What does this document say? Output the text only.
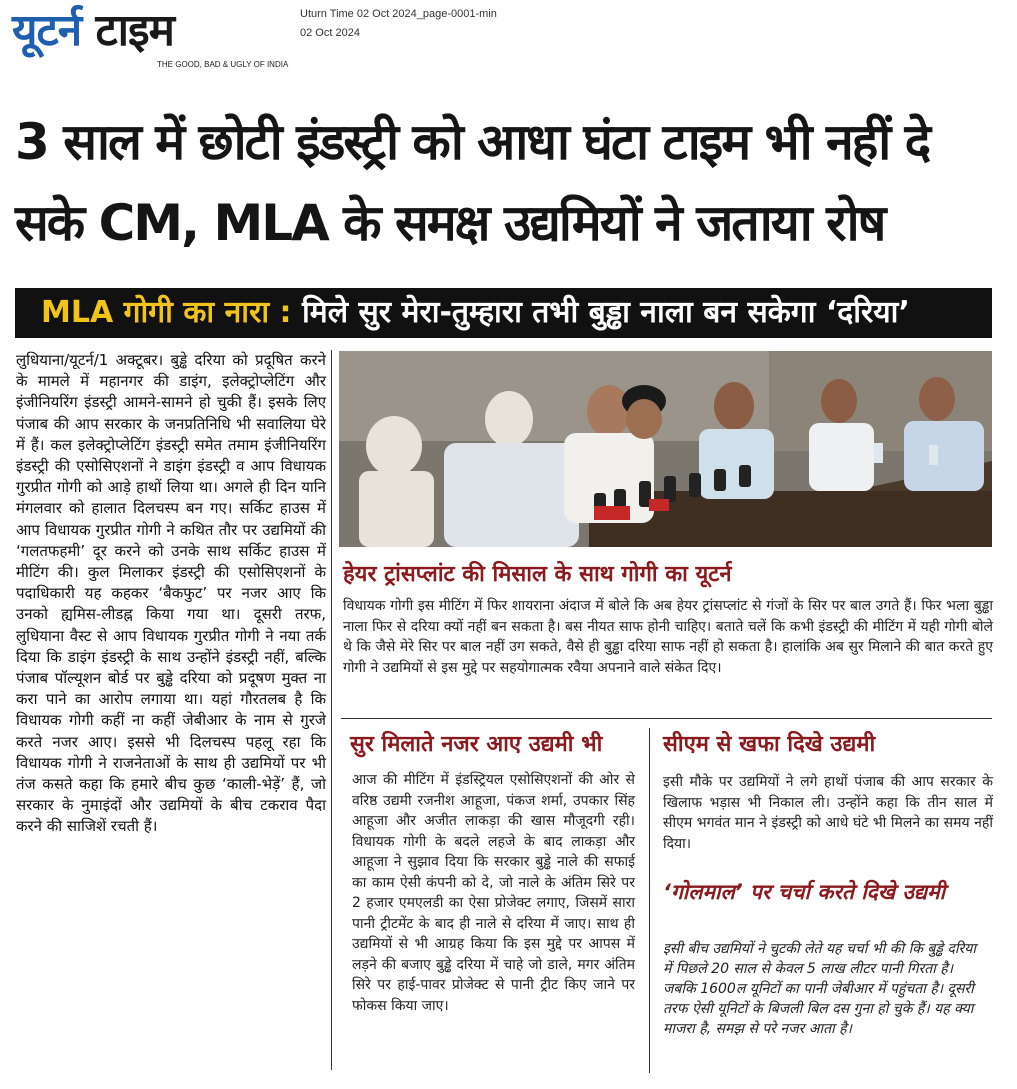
यूटर्न टाइम
THE GOOD, BAD & UGLY OF INDIA
Uturn Time 02 Oct 2024_page-0001-min
02 Oct 2024
3 साल में छोटी इंडस्ट्री को आधा घंटा टाइम भी नहीं दे
सके CM, MLA के समक्ष उद्यमियों ने जताया रोष
MLA गोगी का नारा : मिले सुर मेरा-तुम्हारा तभी बुड्ढा नाला बन सकेगा ‘दरिया’
लुधियाना/यूटर्न/1 अक्टूबर। बुड्ढे दरिया को प्रदूषित करने के मामले में महानगर की डाइंग, इलेक्ट्रोप्लेटिंग और इंजीनियरिंग इंडस्ट्री आमने-सामने हो चुकी हैं। इसके लिए पंजाब की आप सरकार के जनप्रतिनिधि भी सवालिया घेरे में हैं। कल इलेक्ट्रोप्लेटिंग इंडस्ट्री समेत तमाम इंजीनियरिंग इंडस्ट्री की एसोसिएशनों ने डाइंग इंडस्ट्री व आप विधायक गुरप्रीत गोगी को आड़े हाथों लिया था। अगले ही दिन यानि मंगलवार को हालात दिलचस्प बन गए। सर्किट हाउस में आप विधायक गुरप्रीत गोगी ने कथित तौर पर उद्यमियों की ‘गलतफहमी’ दूर करने को उनके साथ सर्किट हाउस में मीटिंग की। कुल मिलाकर इंडस्ट्री की एसोसिएशनों के पदाधिकारी यह कहकर ‘बैकफुट’ पर नजर आए कि उनको ह्यमिस-लीडह्न किया गया था। दूसरी तरफ, लुधियाना वैस्ट से आप विधायक गुरप्रीत गोगी ने नया तर्क दिया कि डाइंग इंडस्ट्री के साथ उन्होंने इंडस्ट्री नहीं, बल्कि पंजाब पॉल्यूशन बोर्ड पर बुड्ढे दरिया को प्रदूषण मुक्त ना करा पाने का आरोप लगाया था। यहां गौरतलब है कि विधायक गोगी कहीं ना कहीं जेबीआर के नाम से गुरजे करते नजर आए। इससे भी दिलचस्प पहलू रहा कि विधायक गोगी ने राजनेताओं के साथ ही उद्यमियों पर भी तंज कसते कहा कि हमारे बीच कुछ ‘काली-भेड़ें’ हैं, जो सरकार के नुमाइंदों और उद्यमियों के बीच टकराव पैदा करने की साजिशें रचती हैं।
हेयर ट्रांसप्लांट की मिसाल के साथ गोगी का यूटर्न
विधायक गोगी इस मीटिंग में फिर शायराना अंदाज में बोले कि अब हेयर ट्रांसप्लांट से गंजों के सिर पर बाल उगते हैं। फिर भला बुड्ढा नाला फिर से दरिया क्यों नहीं बन सकता है। बस नीयत साफ होनी चाहिए। बताते चलें कि कभी इंडस्ट्री की मीटिंग में यही गोगी बोले थे कि जैसे मेरे सिर पर बाल नहीं उग सकते, वैसे ही बुड्ढा दरिया साफ नहीं हो सकता है। हालांकि अब सुर मिलाने की बात करते हुए गोगी ने उद्यमियों से इस मुद्दे पर सहयोगात्मक रवैया अपनाने वाले संकेत दिए।
सुर मिलाते नजर आए उद्यमी भी
आज की मीटिंग में इंडस्ट्रियल एसोसिएशनों की ओर से वरिष्ठ उद्यमी रजनीश आहूजा, पंकज शर्मा, उपकार सिंह आहूजा और अजीत लाकड़ा की खास मौजूदगी रही। विधायक गोगी के बदले लहजे के बाद लाकड़ा और आहूजा ने सुझाव दिया कि सरकार बुड्ढे नाले की सफाई का काम ऐसी कंपनी को दे, जो नाले के अंतिम सिरे पर 2 हजार एमएलडी का ऐसा प्रोजेक्ट लगाए, जिसमें सारा पानी ट्रीटमेंट के बाद ही नाले से दरिया में जाए। साथ ही उद्यमियों से भी आग्रह किया कि इस मुद्दे पर आपस में लड़ने की बजाए बुड्ढे दरिया में चाहे जो डाले, मगर अंतिम सिरे पर हाई-पावर प्रोजेक्ट से पानी ट्रीट किए जाने पर फोकस किया जाए।
सीएम से खफा दिखे उद्यमी
इसी मौके पर उद्यमियों ने लगे हाथों पंजाब की आप सरकार के खिलाफ भड़ास भी निकाल ली। उन्होंने कहा कि तीन साल में सीएम भगवंत मान ने इंडस्ट्री को आधे घंटे भी मिलने का समय नहीं दिया।
‘गोलमाल’ पर चर्चा करते दिखे उद्यमी
इसी बीच उद्यमियों ने चुटकी लेते यह चर्चा भी की कि बुड्ढे दरिया में पिछले 20 साल से केवल 5 लाख लीटर पानी गिरता है। जबकि 1600ल यूनिटों का पानी जेबीआर में पहुंचता है। दूसरी तरफ ऐसी यूनिटों के बिजली बिल दस गुना हो चुके हैं। यह क्या माजरा है, समझ से परे नजर आता है।
